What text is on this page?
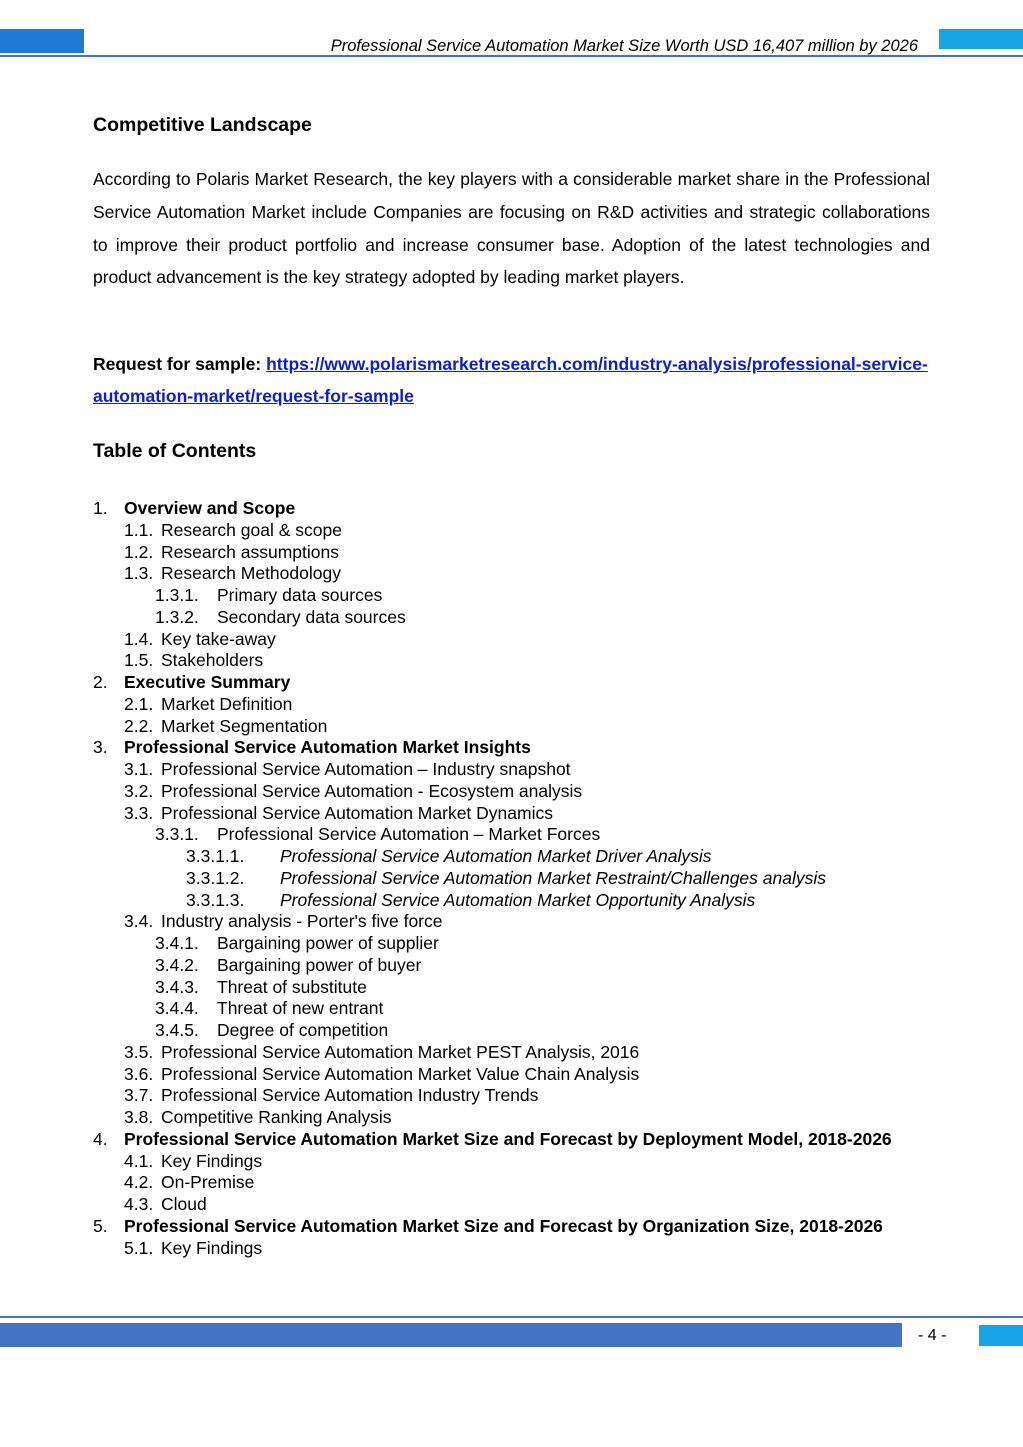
Professional Service Automation Market Size Worth USD 16,407 million by 2026
Competitive Landscape

According to Polaris Market Research, the key players with a considerable market share in the Professional Service Automation Market include Companies are focusing on R&D activities and strategic collaborations to improve their product portfolio and increase consumer base. Adoption of the latest technologies and product advancement is the key strategy adopted by leading market players.

Request for sample: https://www.polarismarketresearch.com/industry-analysis/professional-service-automation-market/request-for-sample

Table of Contents
1. Overview and Scope
1.1. Research goal & scope
1.2. Research assumptions
1.3. Research Methodology
1.3.1. Primary data sources
1.3.2. Secondary data sources
1.4. Key take-away
1.5. Stakeholders
2. Executive Summary
2.1. Market Definition
2.2. Market Segmentation
3. Professional Service Automation Market Insights
3.1. Professional Service Automation – Industry snapshot
3.2. Professional Service Automation - Ecosystem analysis
3.3. Professional Service Automation Market Dynamics
3.3.1. Professional Service Automation – Market Forces
3.3.1.1. Professional Service Automation Market Driver Analysis
3.3.1.2. Professional Service Automation Market Restraint/Challenges analysis
3.3.1.3. Professional Service Automation Market Opportunity Analysis
3.4. Industry analysis - Porter's five force
3.4.1. Bargaining power of supplier
3.4.2. Bargaining power of buyer
3.4.3. Threat of substitute
3.4.4. Threat of new entrant
3.4.5. Degree of competition
3.5. Professional Service Automation Market PEST Analysis, 2016
3.6. Professional Service Automation Market Value Chain Analysis
3.7. Professional Service Automation Industry Trends
3.8. Competitive Ranking Analysis
4. Professional Service Automation Market Size and Forecast by Deployment Model, 2018-2026
4.1. Key Findings
4.2. On-Premise
4.3. Cloud
5. Professional Service Automation Market Size and Forecast by Organization Size, 2018-2026
5.1. Key Findings
- 4 -
